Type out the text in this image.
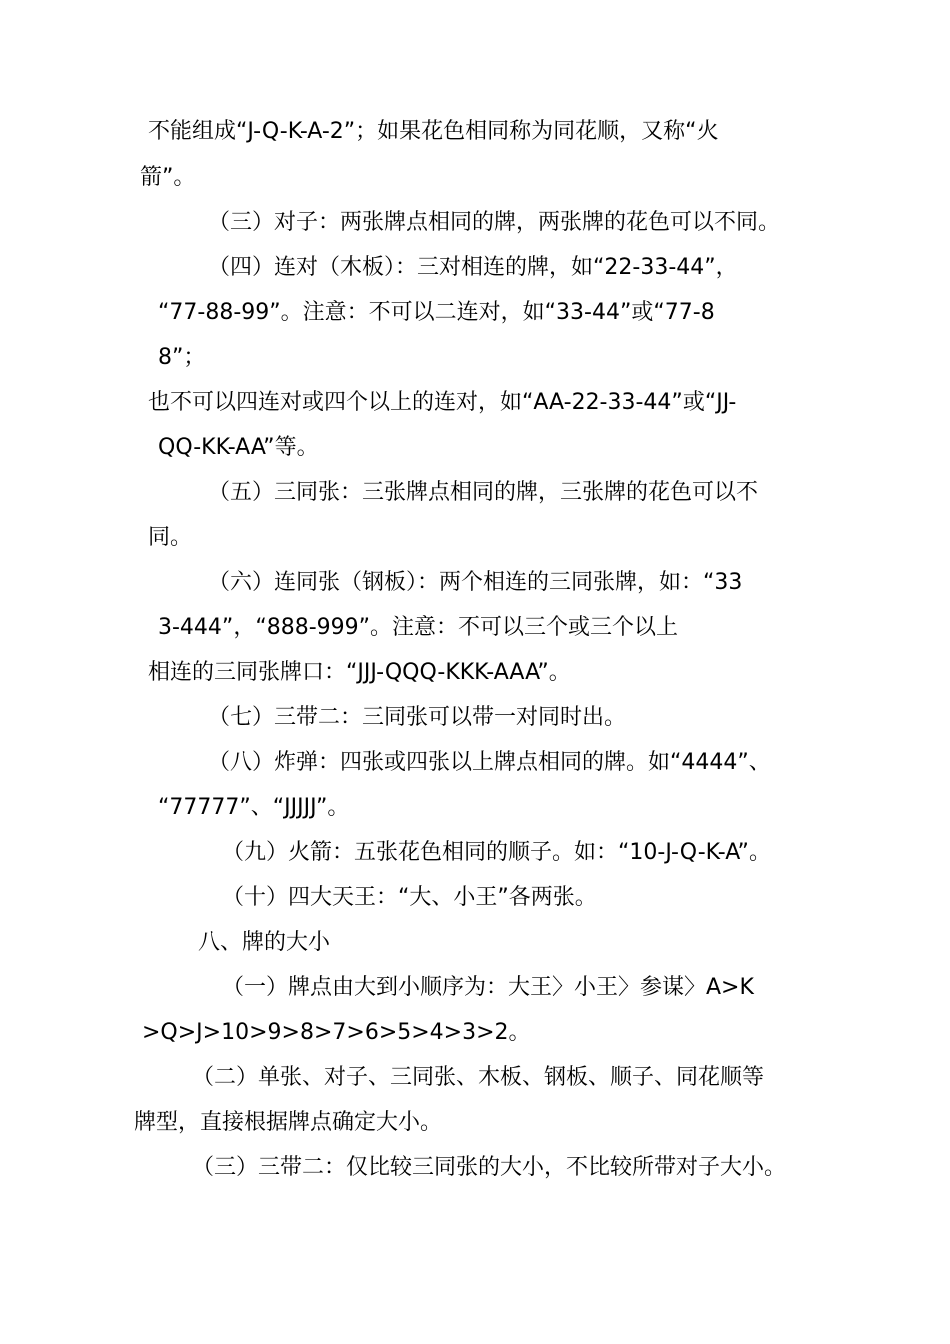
不能组成“J-Q-K-A-2”；如果花色相同称为同花顺，又称“火
箭”。
（三）对子：两张牌点相同的牌，两张牌的花色可以不同。
（四）连对（木板）：三对相连的牌，如“22-33-44”，
“77-88-99”。注意：不可以二连对，如“33-44”或“77-8
8”；
也不可以四连对或四个以上的连对，如“AA-22-33-44”或“JJ-
QQ-KK-AA”等。
（五）三同张：三张牌点相同的牌，三张牌的花色可以不
同。
（六）连同张（钢板）：两个相连的三同张牌，如：“33
3-444”，“888-999”。注意：不可以三个或三个以上
相连的三同张牌口：“JJJ-QQQ-KKK-AAA”。
（七）三带二：三同张可以带一对同时出。
（八）炸弹：四张或四张以上牌点相同的牌。如“4444”、
“77777”、“JJJJJ”。
（九）火箭：五张花色相同的顺子。如：“10-J-Q-K-A”。
（十）四大天王：“大、小王”各两张。
八、牌的大小
（一）牌点由大到小顺序为：大王〉小王〉参谋〉A>K
>Q>J>10>9>8>7>6>5>4>3>2。
（二）单张、对子、三同张、木板、钢板、顺子、同花顺等
牌型，直接根据牌点确定大小。
（三）三带二：仅比较三同张的大小，不比较所带对子大小。
